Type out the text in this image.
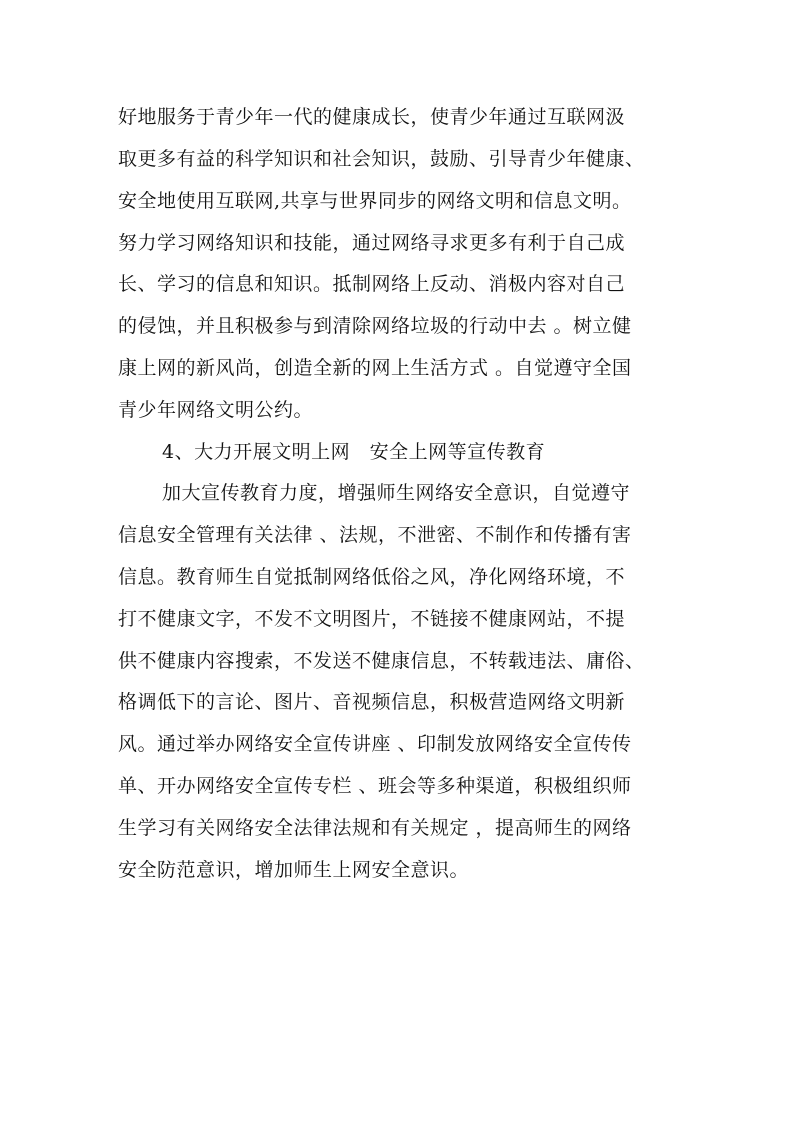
好地服务于青少年一代的健康成长，使青少年通过互联网汲
取更多有益的科学知识和社会知识，鼓励、引导青少年健康、
安全地使用互联网,共享与世界同步的网络文明和信息文明。
努力学习网络知识和技能，通过网络寻求更多有利于自己成
长、学习的信息和知识。抵制网络上反动、消极内容对自己
的侵蚀，并且积极参与到清除网络垃圾的行动中去 。树立健
康上网的新风尚，创造全新的网上生活方式 。自觉遵守全国
青少年网络文明公约。
4、大力开展文明上网　安全上网等宣传教育
加大宣传教育力度，增强师生网络安全意识，自觉遵守
信息安全管理有关法律 、法规，不泄密、不制作和传播有害
信息。教育师生自觉抵制网络低俗之风，净化网络环境，不
打不健康文字，不发不文明图片，不链接不健康网站，不提
供不健康内容搜索，不发送不健康信息，不转载违法、庸俗、
格调低下的言论、图片、音视频信息，积极营造网络文明新
风。通过举办网络安全宣传讲座 、印制发放网络安全宣传传
单、开办网络安全宣传专栏 、班会等多种渠道，积极组织师
生学习有关网络安全法律法规和有关规定 ，提高师生的网络
安全防范意识，增加师生上网安全意识。
